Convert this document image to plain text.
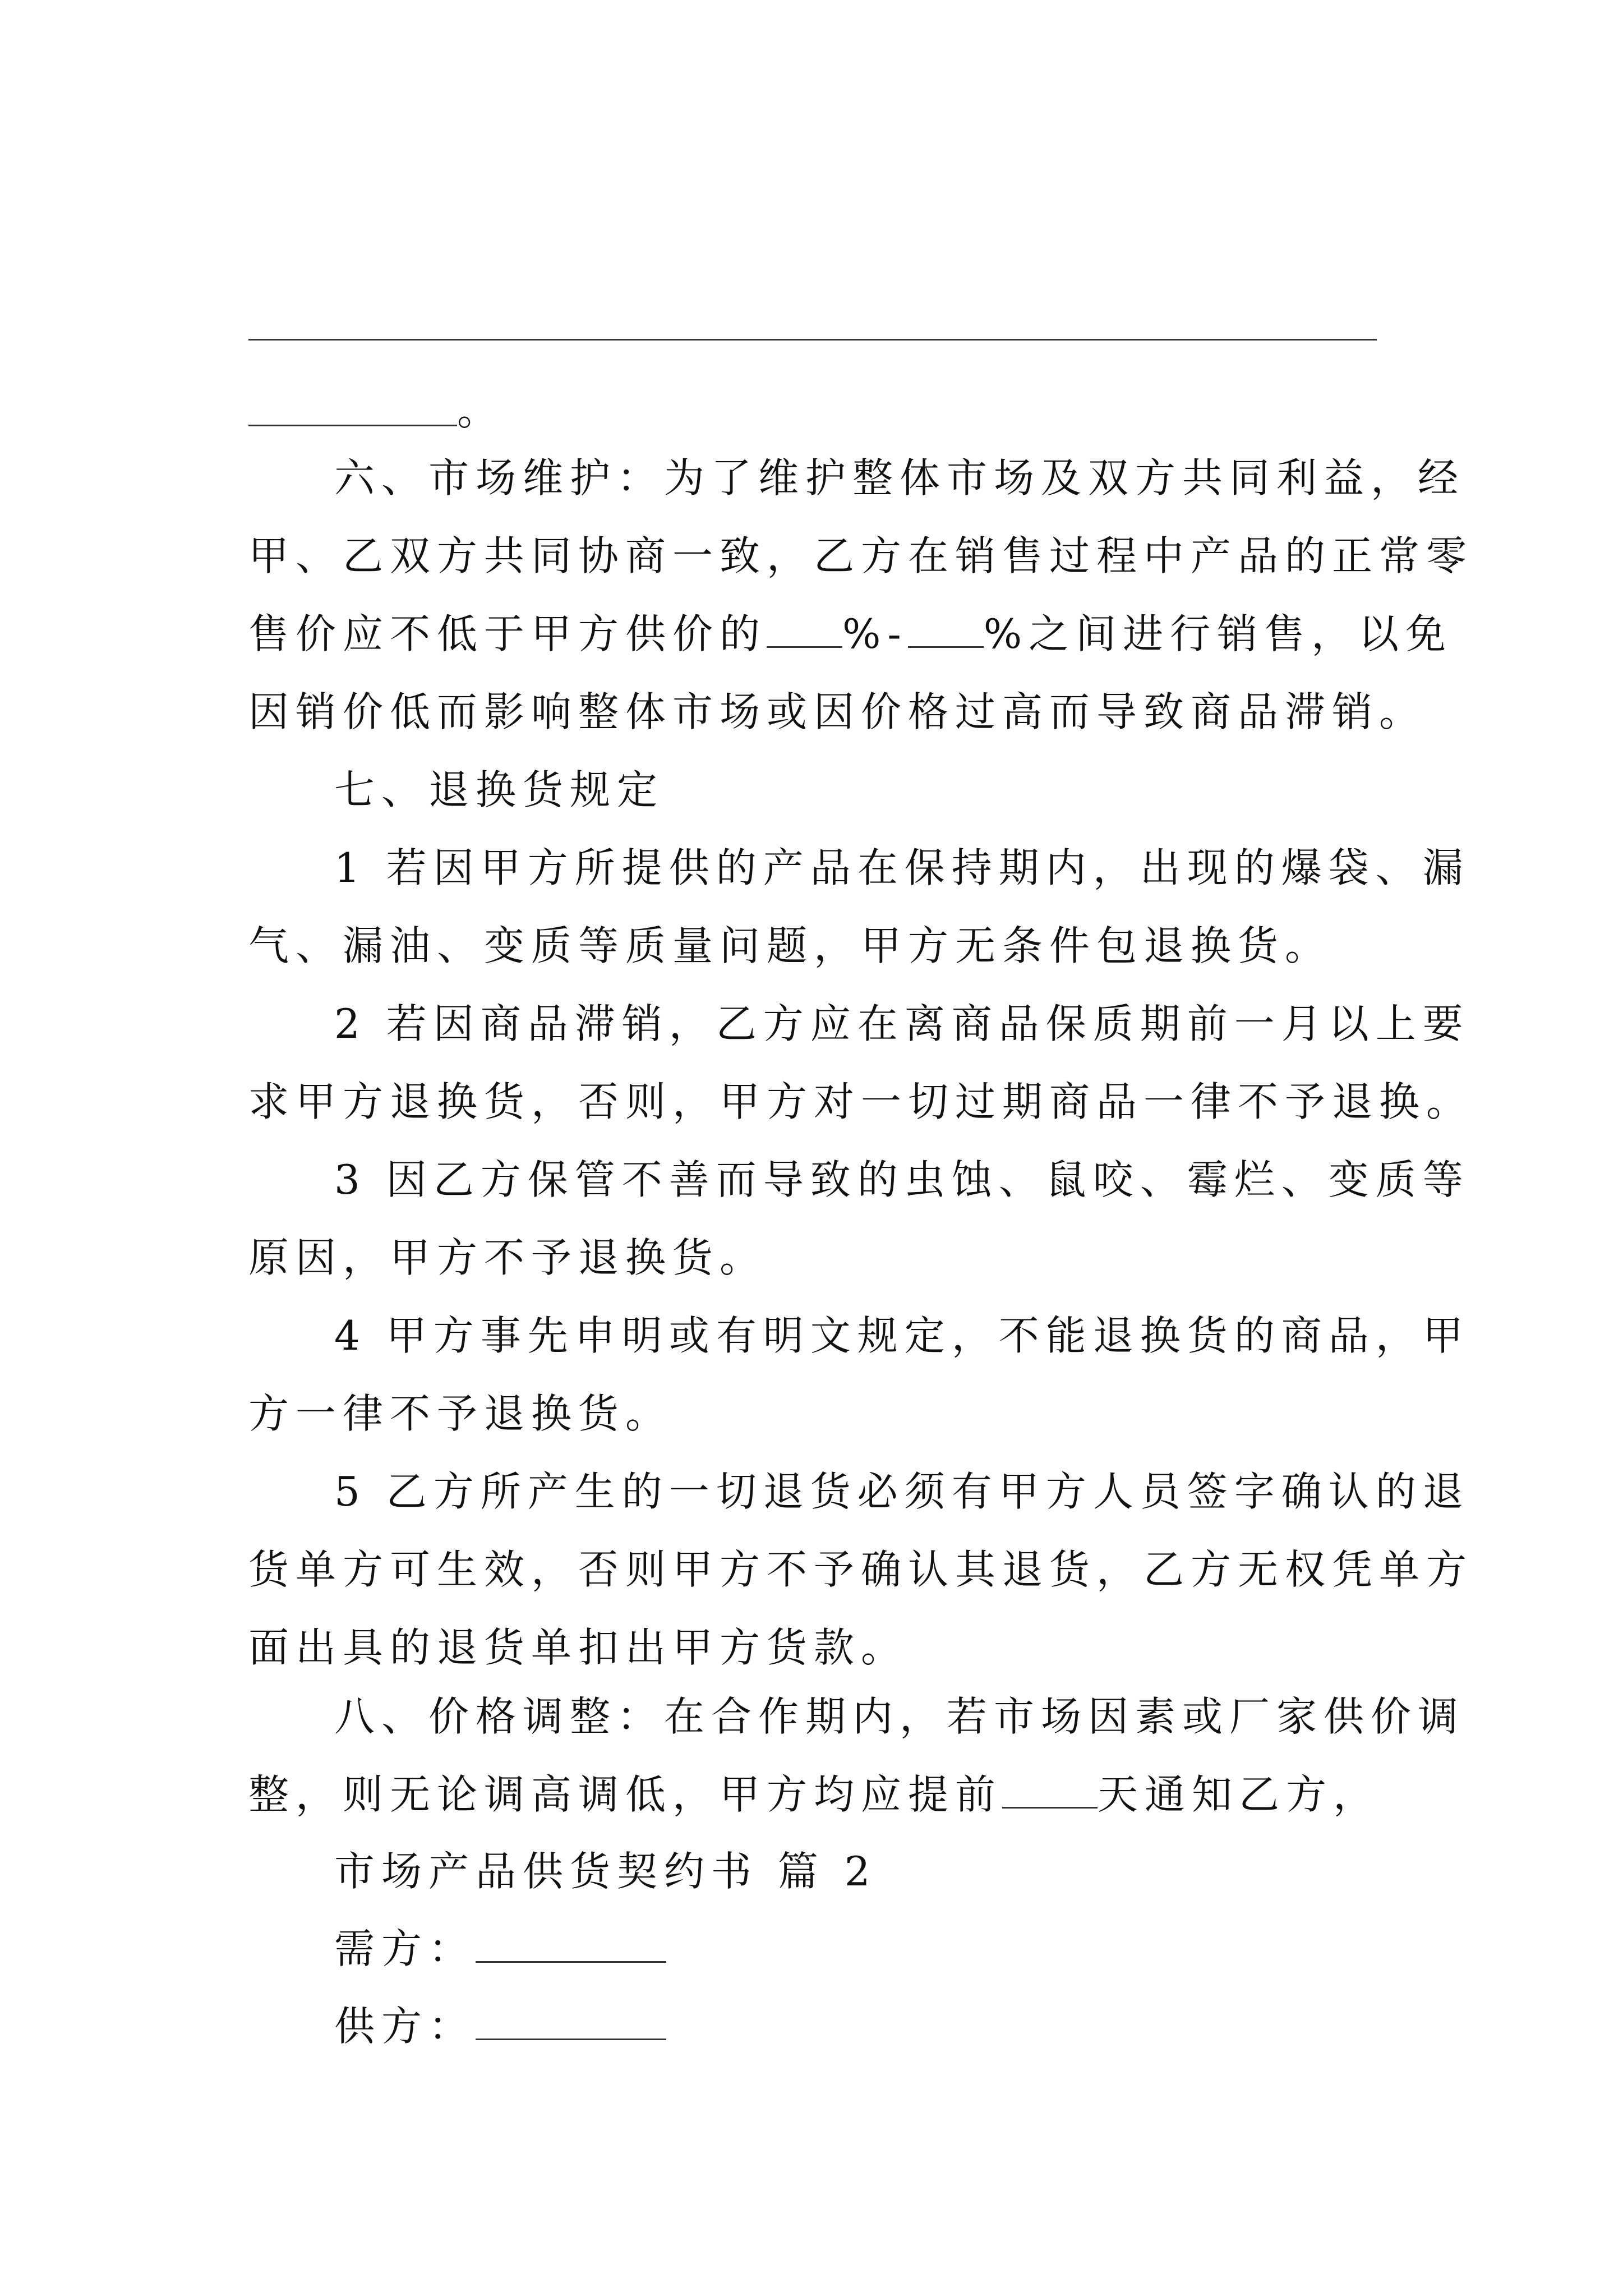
。
六、市场维护：为了维护整体市场及双方共同利益，经
甲、乙双方共同协商一致，乙方在销售过程中产品的正常零
售价应不低于甲方供价的 %- %之间进行销售，以免
因销价低而影响整体市场或因价格过高而导致商品滞销。
七、退换货规定
1 若因甲方所提供的产品在保持期内，出现的爆袋、漏
气、漏油、变质等质量问题，甲方无条件包退换货。
2 若因商品滞销，乙方应在离商品保质期前一月以上要
求甲方退换货，否则，甲方对一切过期商品一律不予退换。
3 因乙方保管不善而导致的虫蚀、鼠咬、霉烂、变质等
原因，甲方不予退换货。
4 甲方事先申明或有明文规定，不能退换货的商品，甲
方一律不予退换货。
5 乙方所产生的一切退货必须有甲方人员签字确认的退
货单方可生效，否则甲方不予确认其退货，乙方无权凭单方
面出具的退货单扣出甲方货款。
八、价格调整：在合作期内，若市场因素或厂家供价调
整，则无论调高调低，甲方均应提前 天通知乙方，
市场产品供货契约书 篇 2
需方：
供方：
